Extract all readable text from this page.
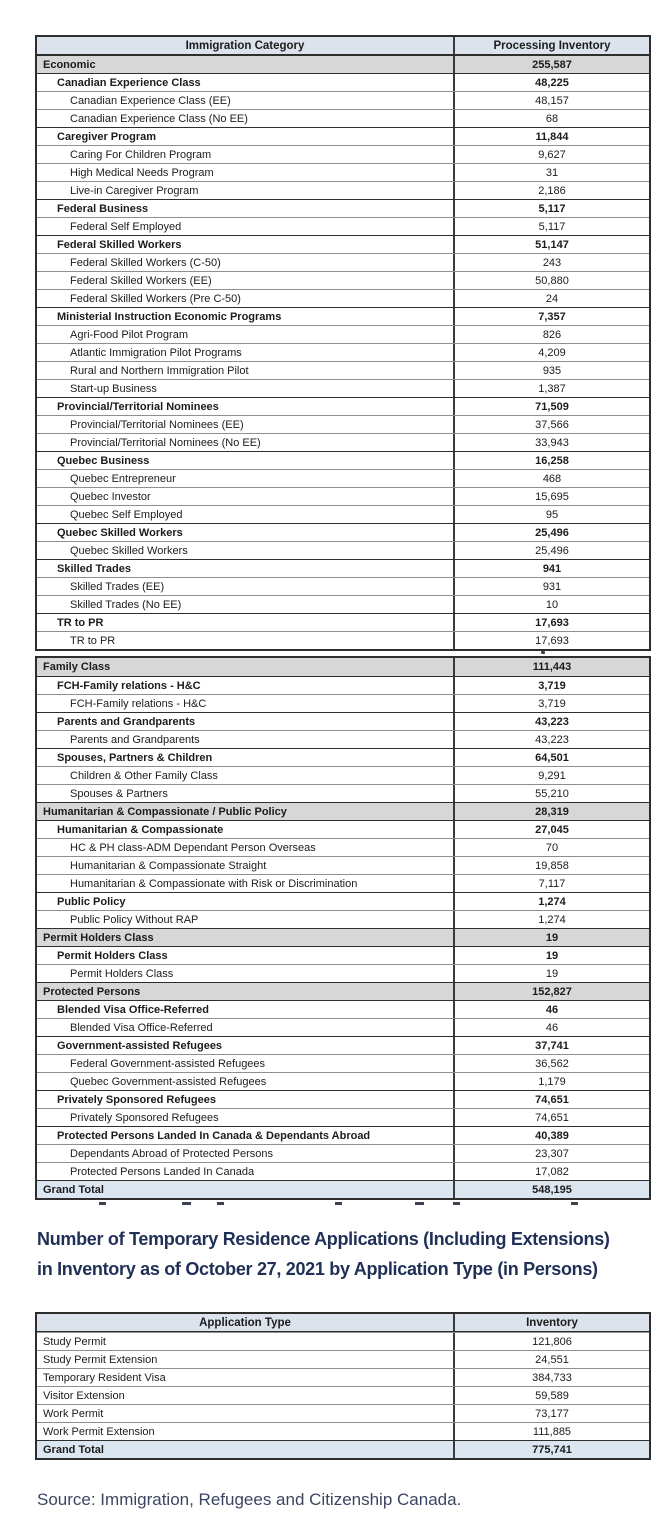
Immigration Category	Processing Inventory
Economic	255,587
Canadian Experience Class	48,225
Canadian Experience Class (EE)	48,157
Canadian Experience Class (No EE)	68
Caregiver Program	11,844
Caring For Children Program	9,627
High Medical Needs Program	31
Live-in Caregiver Program	2,186
Federal Business	5,117
Federal Self Employed	5,117
Federal Skilled Workers	51,147
Federal Skilled Workers (C-50)	243
Federal Skilled Workers (EE)	50,880
Federal Skilled Workers (Pre C-50)	24
Ministerial Instruction Economic Programs	7,357
Agri-Food Pilot Program	826
Atlantic Immigration Pilot Programs	4,209
Rural and Northern Immigration Pilot	935
Start-up Business	1,387
Provincial/Territorial Nominees	71,509
Provincial/Territorial Nominees (EE)	37,566
Provincial/Territorial Nominees (No EE)	33,943
Quebec Business	16,258
Quebec Entrepreneur	468
Quebec Investor	15,695
Quebec Self Employed	95
Quebec Skilled Workers	25,496
Quebec Skilled Workers	25,496
Skilled Trades	941
Skilled Trades (EE)	931
Skilled Trades (No EE)	10
TR to PR	17,693
TR to PR	17,693
Family Class	111,443
FCH-Family relations - H&C	3,719
FCH-Family relations - H&C	3,719
Parents and Grandparents	43,223
Parents and Grandparents	43,223
Spouses, Partners & Children	64,501
Children & Other Family Class	9,291
Spouses & Partners	55,210
Humanitarian & Compassionate / Public Policy	28,319
Humanitarian & Compassionate	27,045
HC & PH class-ADM Dependant Person Overseas	70
Humanitarian & Compassionate Straight	19,858
Humanitarian & Compassionate with Risk or Discrimination	7,117
Public Policy	1,274
Public Policy Without RAP	1,274
Permit Holders Class	19
Permit Holders Class	19
Permit Holders Class	19
Protected Persons	152,827
Blended Visa Office-Referred	46
Blended Visa Office-Referred	46
Government-assisted Refugees	37,741
Federal Government-assisted Refugees	36,562
Quebec Government-assisted Refugees	1,179
Privately Sponsored Refugees	74,651
Privately Sponsored Refugees	74,651
Protected Persons Landed In Canada & Dependants Abroad	40,389
Dependants Abroad of Protected Persons	23,307
Protected Persons Landed In Canada	17,082
Grand Total	548,195
Number of Temporary Residence Applications (Including Extensions)
in Inventory as of October 27, 2021 by Application Type (in Persons)
Application Type	Inventory
Study Permit	121,806
Study Permit Extension	24,551
Temporary Resident Visa	384,733
Visitor Extension	59,589
Work Permit	73,177
Work Permit Extension	111,885
Grand Total	775,741
Source: Immigration, Refugees and Citizenship Canada.
